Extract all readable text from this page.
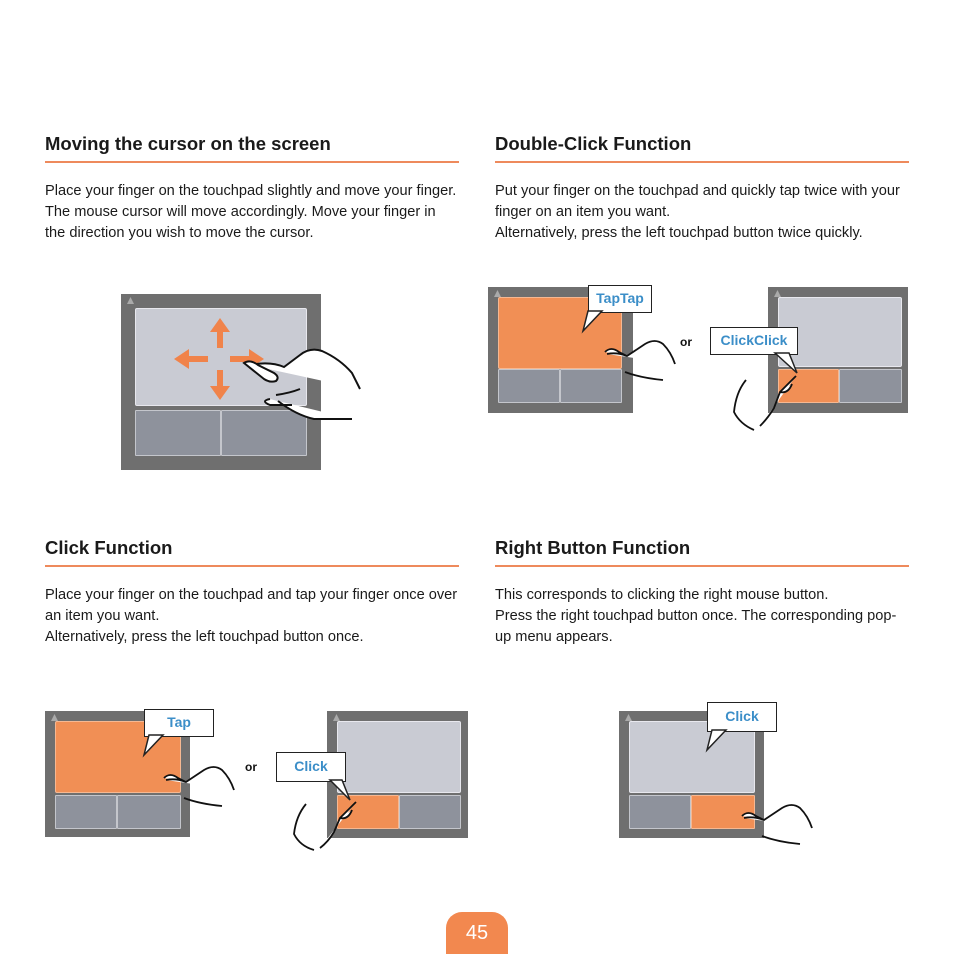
Moving the cursor on the screen

Place your finger on the touchpad slightly and move your finger. The mouse cursor will move accordingly. Move your finger in the direction you wish to move the cursor.

Double-Click Function

Put your finger on the touchpad and quickly tap twice with your finger on an item you want.

Alternatively, press the left touchpad button twice quickly.

Click Function

Place your finger on the touchpad and tap your finger once over an item you want.

Alternatively, press the left touchpad button once.

Right Button Function

This corresponds to clicking the right mouse button.

Press the right touchpad button once. The corresponding pop-up menu appears.

TapTap
or	ClickClick
Tap
or	Click
Click
45
